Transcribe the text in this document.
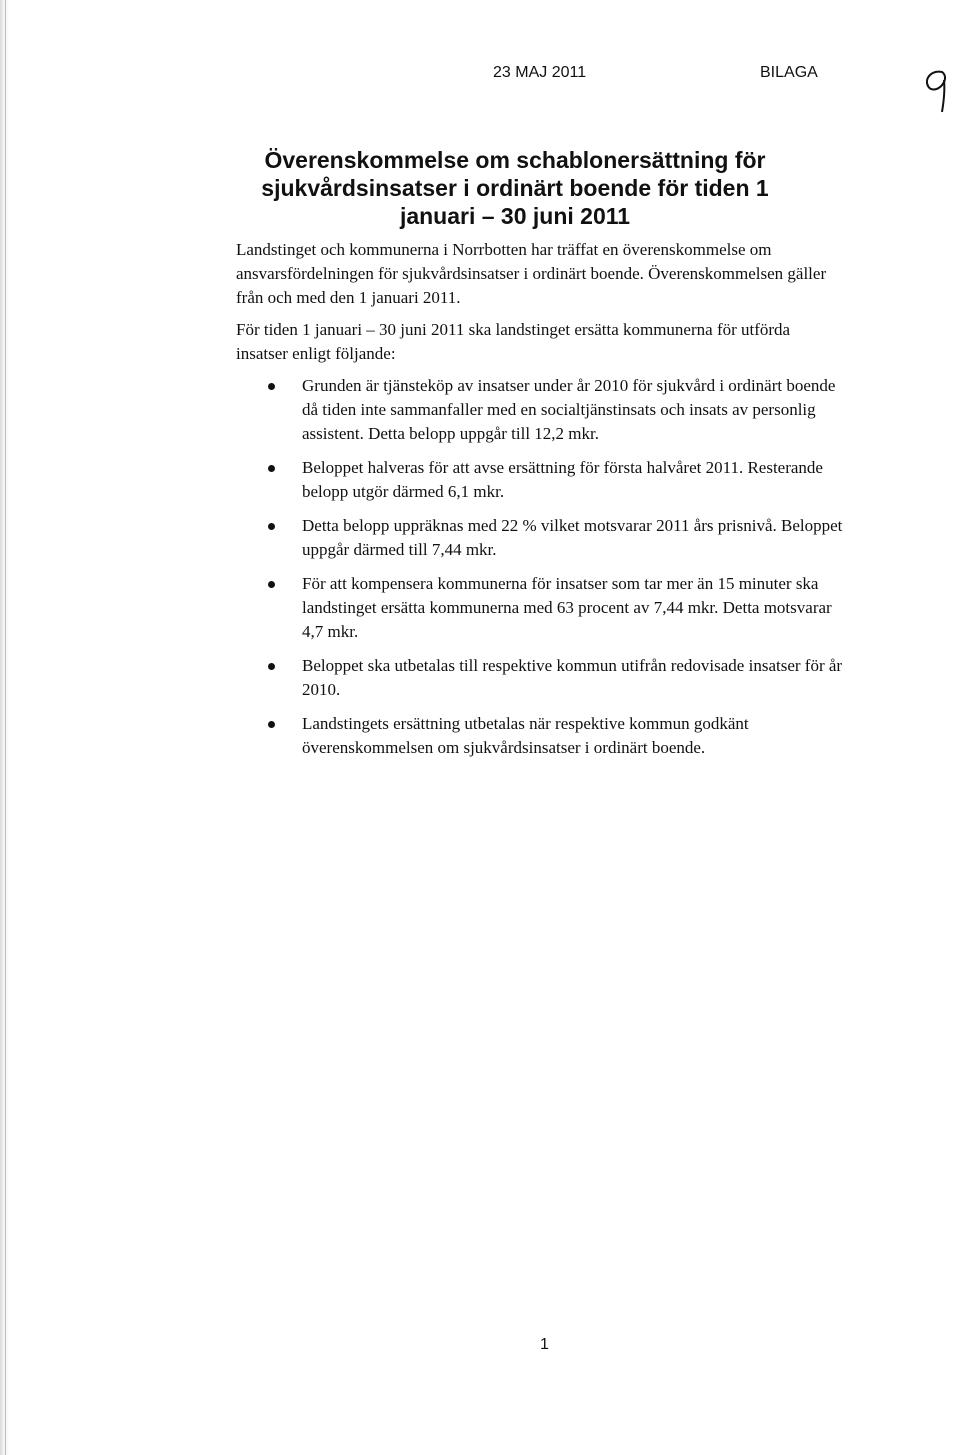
23 MAJ 2011	BILAGA
Överenskommelse om schablonersättning för sjukvårdsinsatser i ordinärt boende för tiden 1 januari – 30 juni 2011

Landstinget och kommunerna i Norrbotten har träffat en överenskommelse om ansvarsfördelningen för sjukvårdsinsatser i ordinärt boende. Överenskommelsen gäller från och med den 1 januari 2011.

För tiden 1 januari – 30 juni 2011 ska landstinget ersätta kommunerna för utförda insatser enligt följande:

Grunden är tjänsteköp av insatser under år 2010 för sjukvård i ordinärt boende då tiden inte sammanfaller med en socialtjänstinsats och insats av personlig assistent. Detta belopp uppgår till 12,2 mkr.
Beloppet halveras för att avse ersättning för första halvåret 2011. Resterande belopp utgör därmed 6,1 mkr.
Detta belopp uppräknas med 22 % vilket motsvarar 2011 års prisnivå. Beloppet uppgår därmed till 7,44 mkr.
För att kompensera kommunerna för insatser som tar mer än 15 minuter ska landstinget ersätta kommunerna med 63 procent av 7,44 mkr. Detta motsvarar 4,7 mkr.
Beloppet ska utbetalas till respektive kommun utifrån redovisade insatser för år 2010.
Landstingets ersättning utbetalas när respektive kommun godkänt överenskommelsen om sjukvårdsinsatser i ordinärt boende.
1
